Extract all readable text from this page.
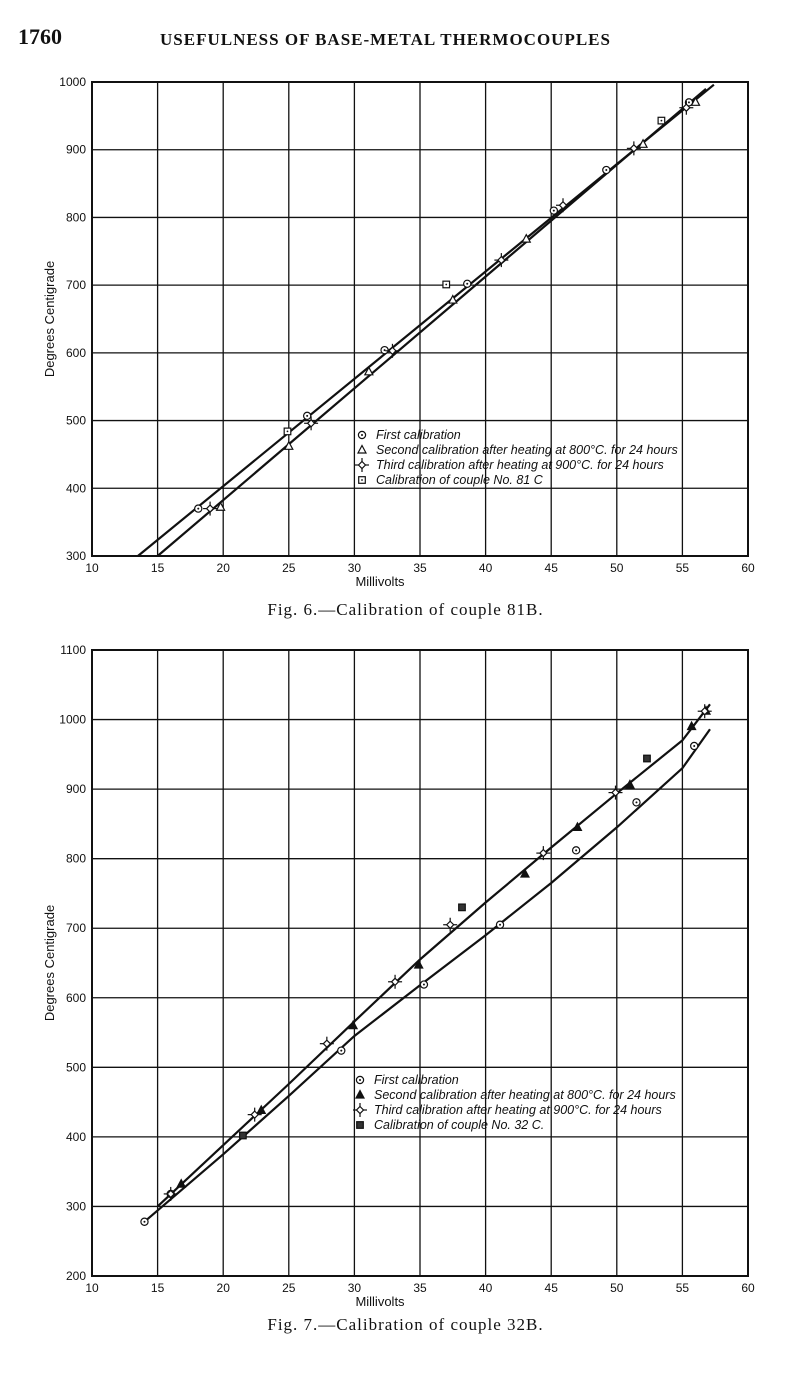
1760	USEFULNESS OF BASE-METAL THERMOCOUPLES
10	15	20	25	30	35	40	45	50	55	60
300
400
500
600
700
800
900
1000
Millivolts
Degrees Centigrade
First calibration
Second calibration after heating at 800°C. for 24 hours
Third calibration after heating at 900°C. for 24 hours
Calibration of couple No. 81 C
Fig. 6.—Calibration of couple 81B.
10	15	20	25	30	35	40	45	50	55	60
200
300
400
500
600
700
800
900
1000
1100
Millivolts
Degrees Centigrade
First calibration
Second calibration after heating at 800°C. for 24 hours
Third calibration after heating at 900°C. for 24 hours
Calibration of couple No. 32 C.
Fig. 7.—Calibration of couple 32B.
